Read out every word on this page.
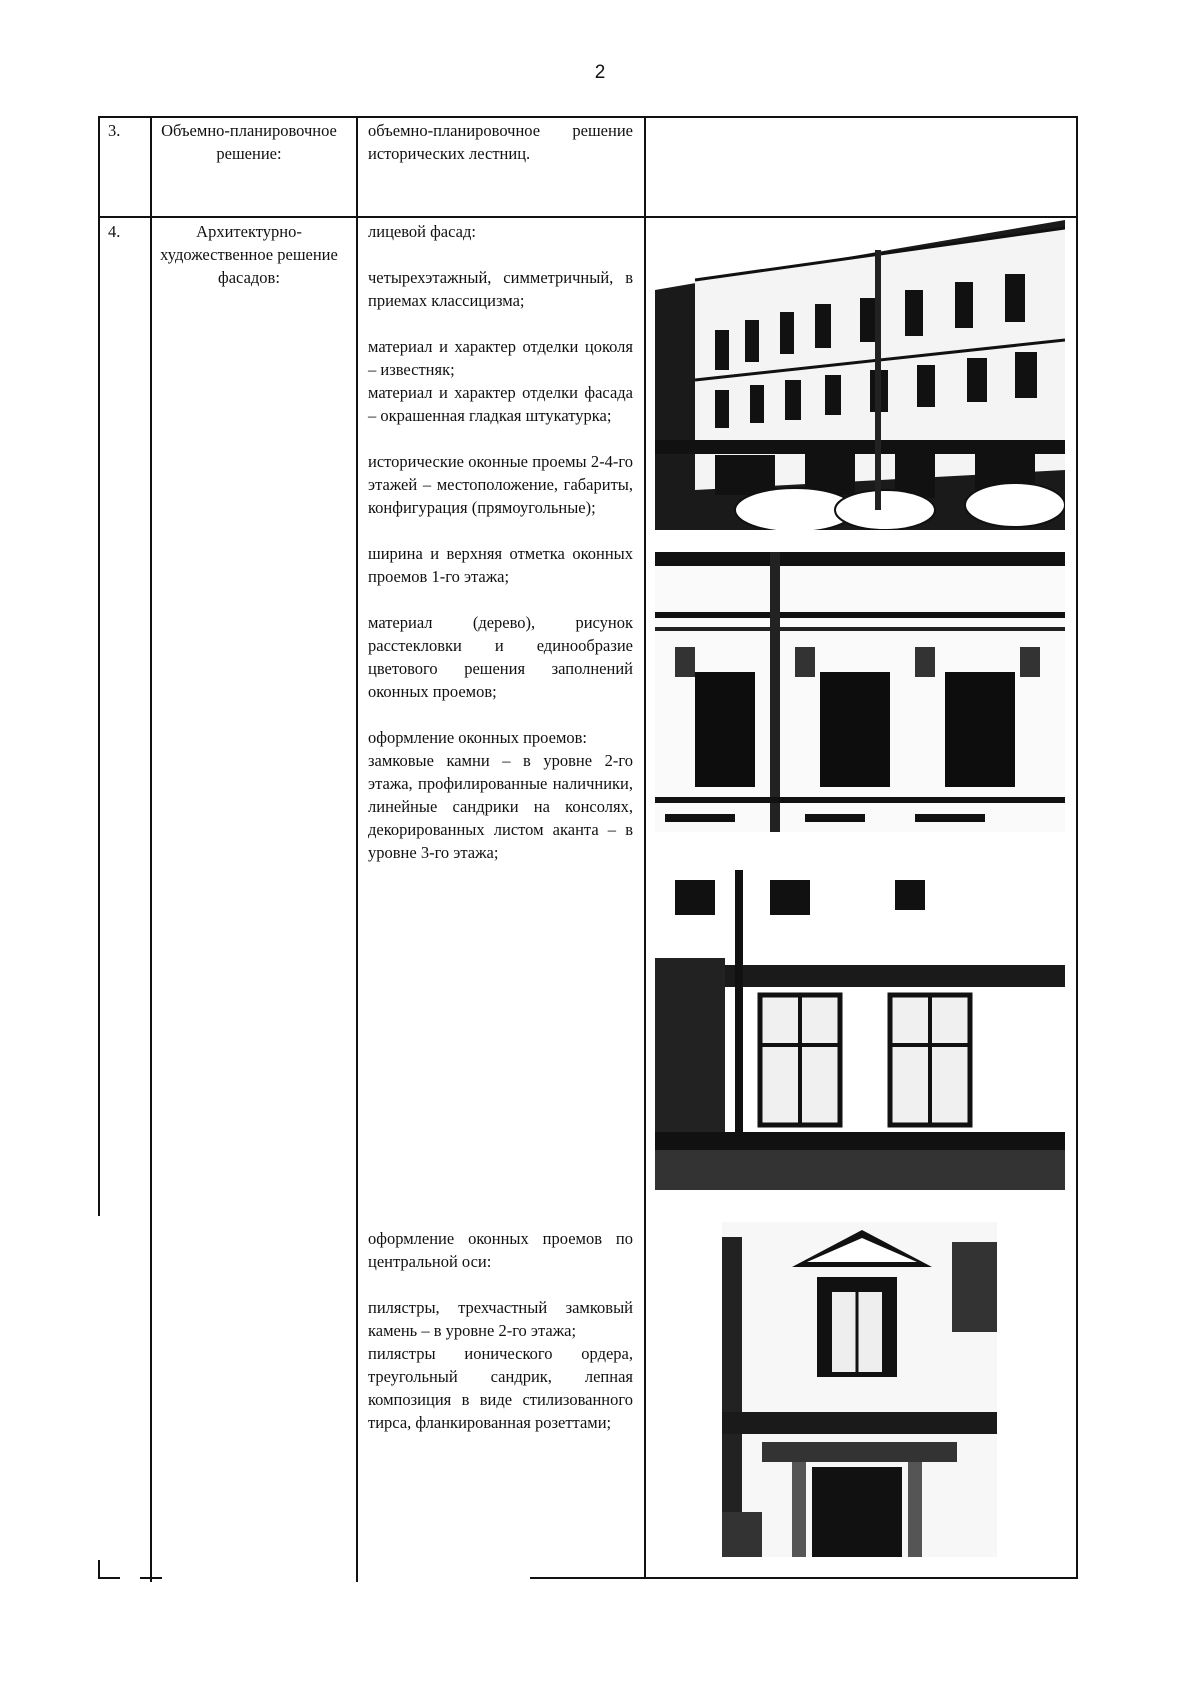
2
3. Объемно-планировочное решение:

объемно-планировочное решение исторических лестниц.

4.	Архитектурно-художественное решение фасадов:

лицевой фасад:

четырехэтажный, симметричный, в приемах классицизма;

материал и характер отделки цоколя – известняк;

материал и характер отделки фасада – окрашенная гладкая штукатурка;

исторические оконные проемы 2-4-го этажей – местоположение, габариты, конфигурация (прямоугольные);

ширина и верхняя отметка оконных проемов 1-го этажа;

материал (дерево), рисунок расстекловки и единообразие цветового решения заполнений оконных проемов;

оформление оконных проемов:

замковые камни – в уровне 2-го этажа, профилированные наличники, линейные сандрики на консолях, декорированных листом аканта – в уровне 3-го этажа;

оформление оконных проемов по центральной оси:

пилястры, трехчастный замковый камень – в уровне 2-го этажа;

пилястры ионического ордера, треугольный сандрик, лепная композиция в виде стилизованного тирса, фланкированная розеттами;
